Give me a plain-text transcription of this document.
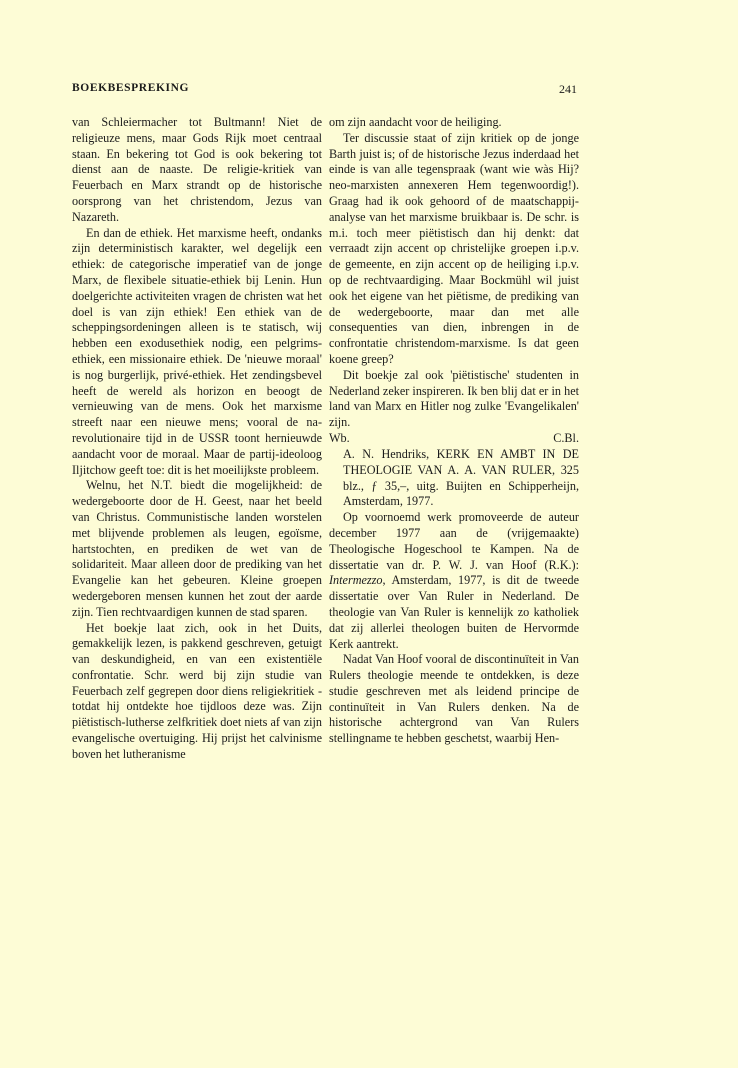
BOEKBESPREKING	241

van Schleiermacher tot Bultmann! Niet de religieuze mens, maar Gods Rijk moet centraal staan. En bekering tot God is ook bekering tot dienst aan de naaste. De religie-kritiek van Feuerbach en Marx strandt op de historische oorsprong van het christendom, Jezus van Nazareth.

En dan de ethiek. Het marxisme heeft, ondanks zijn deterministisch karakter, wel degelijk een ethiek: de categorische imperatief van de jonge Marx, de flexibele situatie-ethiek bij Lenin. Hun doelgerichte activiteiten vragen de christen wat het doel is van zijn ethiek! Een ethiek van de scheppingsordeningen alleen is te statisch, wij hebben een exodusethiek nodig, een pelgrims-ethiek, een missionaire ethiek. De 'nieuwe moraal' is nog burgerlijk, privé-ethiek. Het zendingsbevel heeft de wereld als horizon en beoogt de vernieuwing van de mens. Ook het marxisme streeft naar een nieuwe mens; vooral de na-revolutionaire tijd in de USSR toont hernieuwde aandacht voor de moraal. Maar de partij-ideoloog Iljitchow geeft toe: dit is het moeilijkste probleem.

Welnu, het N.T. biedt die mogelijkheid: de wedergeboorte door de H. Geest, naar het beeld van Christus. Communistische landen worstelen met blijvende problemen als leugen, egoïsme, hartstochten, en prediken de wet van de solidariteit. Maar alleen door de prediking van het Evangelie kan het gebeuren. Kleine groepen wedergeboren mensen kunnen het zout der aarde zijn. Tien rechtvaardigen kunnen de stad sparen.

Het boekje laat zich, ook in het Duits, gemakkelijk lezen, is pakkend geschreven, getuigt van deskundigheid, en van een existentiële confrontatie. Schr. werd bij zijn studie van Feuerbach zelf gegrepen door diens religiekritiek - totdat hij ontdekte hoe tijdloos deze was. Zijn piëtistisch-lutherse zelfkritiek doet niets af van zijn evangelische overtuiging. Hij prijst het calvinisme boven het lutheranisme

om zijn aandacht voor de heiliging.

Ter discussie staat of zijn kritiek op de jonge Barth juist is; of de historische Jezus inderdaad het einde is van alle tegenspraak (want wie wàs Hij? neo-marxisten annexeren Hem tegenwoordig!). Graag had ik ook gehoord of de maatschappij-analyse van het marxisme bruikbaar is. De schr. is m.i. toch meer piëtistisch dan hij denkt: dat verraadt zijn accent op christelijke groepen i.p.v. de gemeente, en zijn accent op de heiliging i.p.v. op de rechtvaardiging. Maar Bockmühl wil juist ook het eigene van het piëtisme, de prediking van de wedergeboorte, maar dan met alle consequenties van dien, inbrengen in de confrontatie christendom-marxisme. Is dat geen koene greep?

Dit boekje zal ook 'piëtistische' studenten in Nederland zeker inspireren. Ik ben blij dat er in het land van Marx en Hitler nog zulke 'Evangelikalen' zijn.

Wb.	C.Bl.

A. N. Hendriks, KERK EN AMBT IN DE THEOLOGIE VAN A. A. VAN RULER, 325 blz., ƒ 35,–, uitg. Buijten en Schipperheijn, Amsterdam, 1977.

Op voornoemd werk promoveerde de auteur december 1977 aan de (vrijgemaakte) Theologische Hogeschool te Kampen. Na de dissertatie van dr. P. W. J. van Hoof (R.K.): Intermezzo, Amsterdam, 1977, is dit de tweede dissertatie over Van Ruler in Nederland. De theologie van Van Ruler is kennelijk zo katholiek dat zij allerlei theologen buiten de Hervormde Kerk aantrekt.

Nadat Van Hoof vooral de discontinuïteit in Van Rulers theologie meende te ontdekken, is deze studie geschreven met als leidend principe de continuïteit in Van Rulers denken. Na de historische achtergrond van Van Rulers stellingname te hebben geschetst, waarbij Hen-
